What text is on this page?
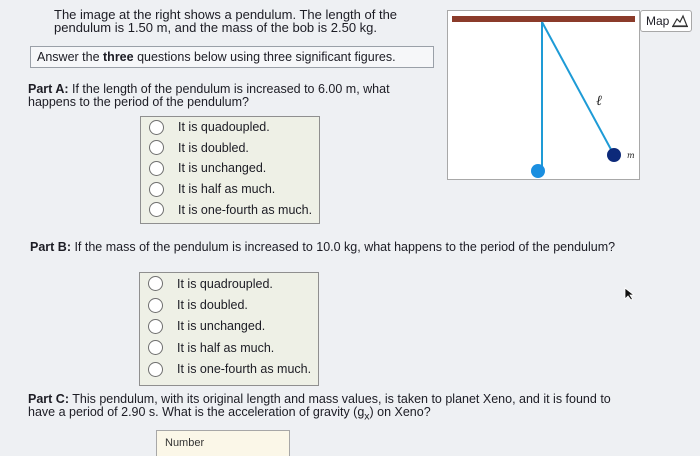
The image at the right shows a pendulum. The length of the pendulum is 1.50 m, and the mass of the bob is 2.50 kg.
Answer the three questions below using three significant figures.
Part A: If the length of the pendulum is increased to 6.00 m, what happens to the period of the pendulum?
It is quadoupled.
It is doubled.
It is unchanged.
It is half as much.
It is one-fourth as much.
Part B: If the mass of the pendulum is increased to 10.0 kg, what happens to the period of the pendulum?
It is quadroupled.
It is doubled.
It is unchanged.
It is half as much.
It is one-fourth as much.
Part C: This pendulum, with its original length and mass values, is taken to planet Xeno, and it is found to have a period of 2.90 s. What is the acceleration of gravity $(g_x)$ on Xeno?
Number
ℓ
m
Map
